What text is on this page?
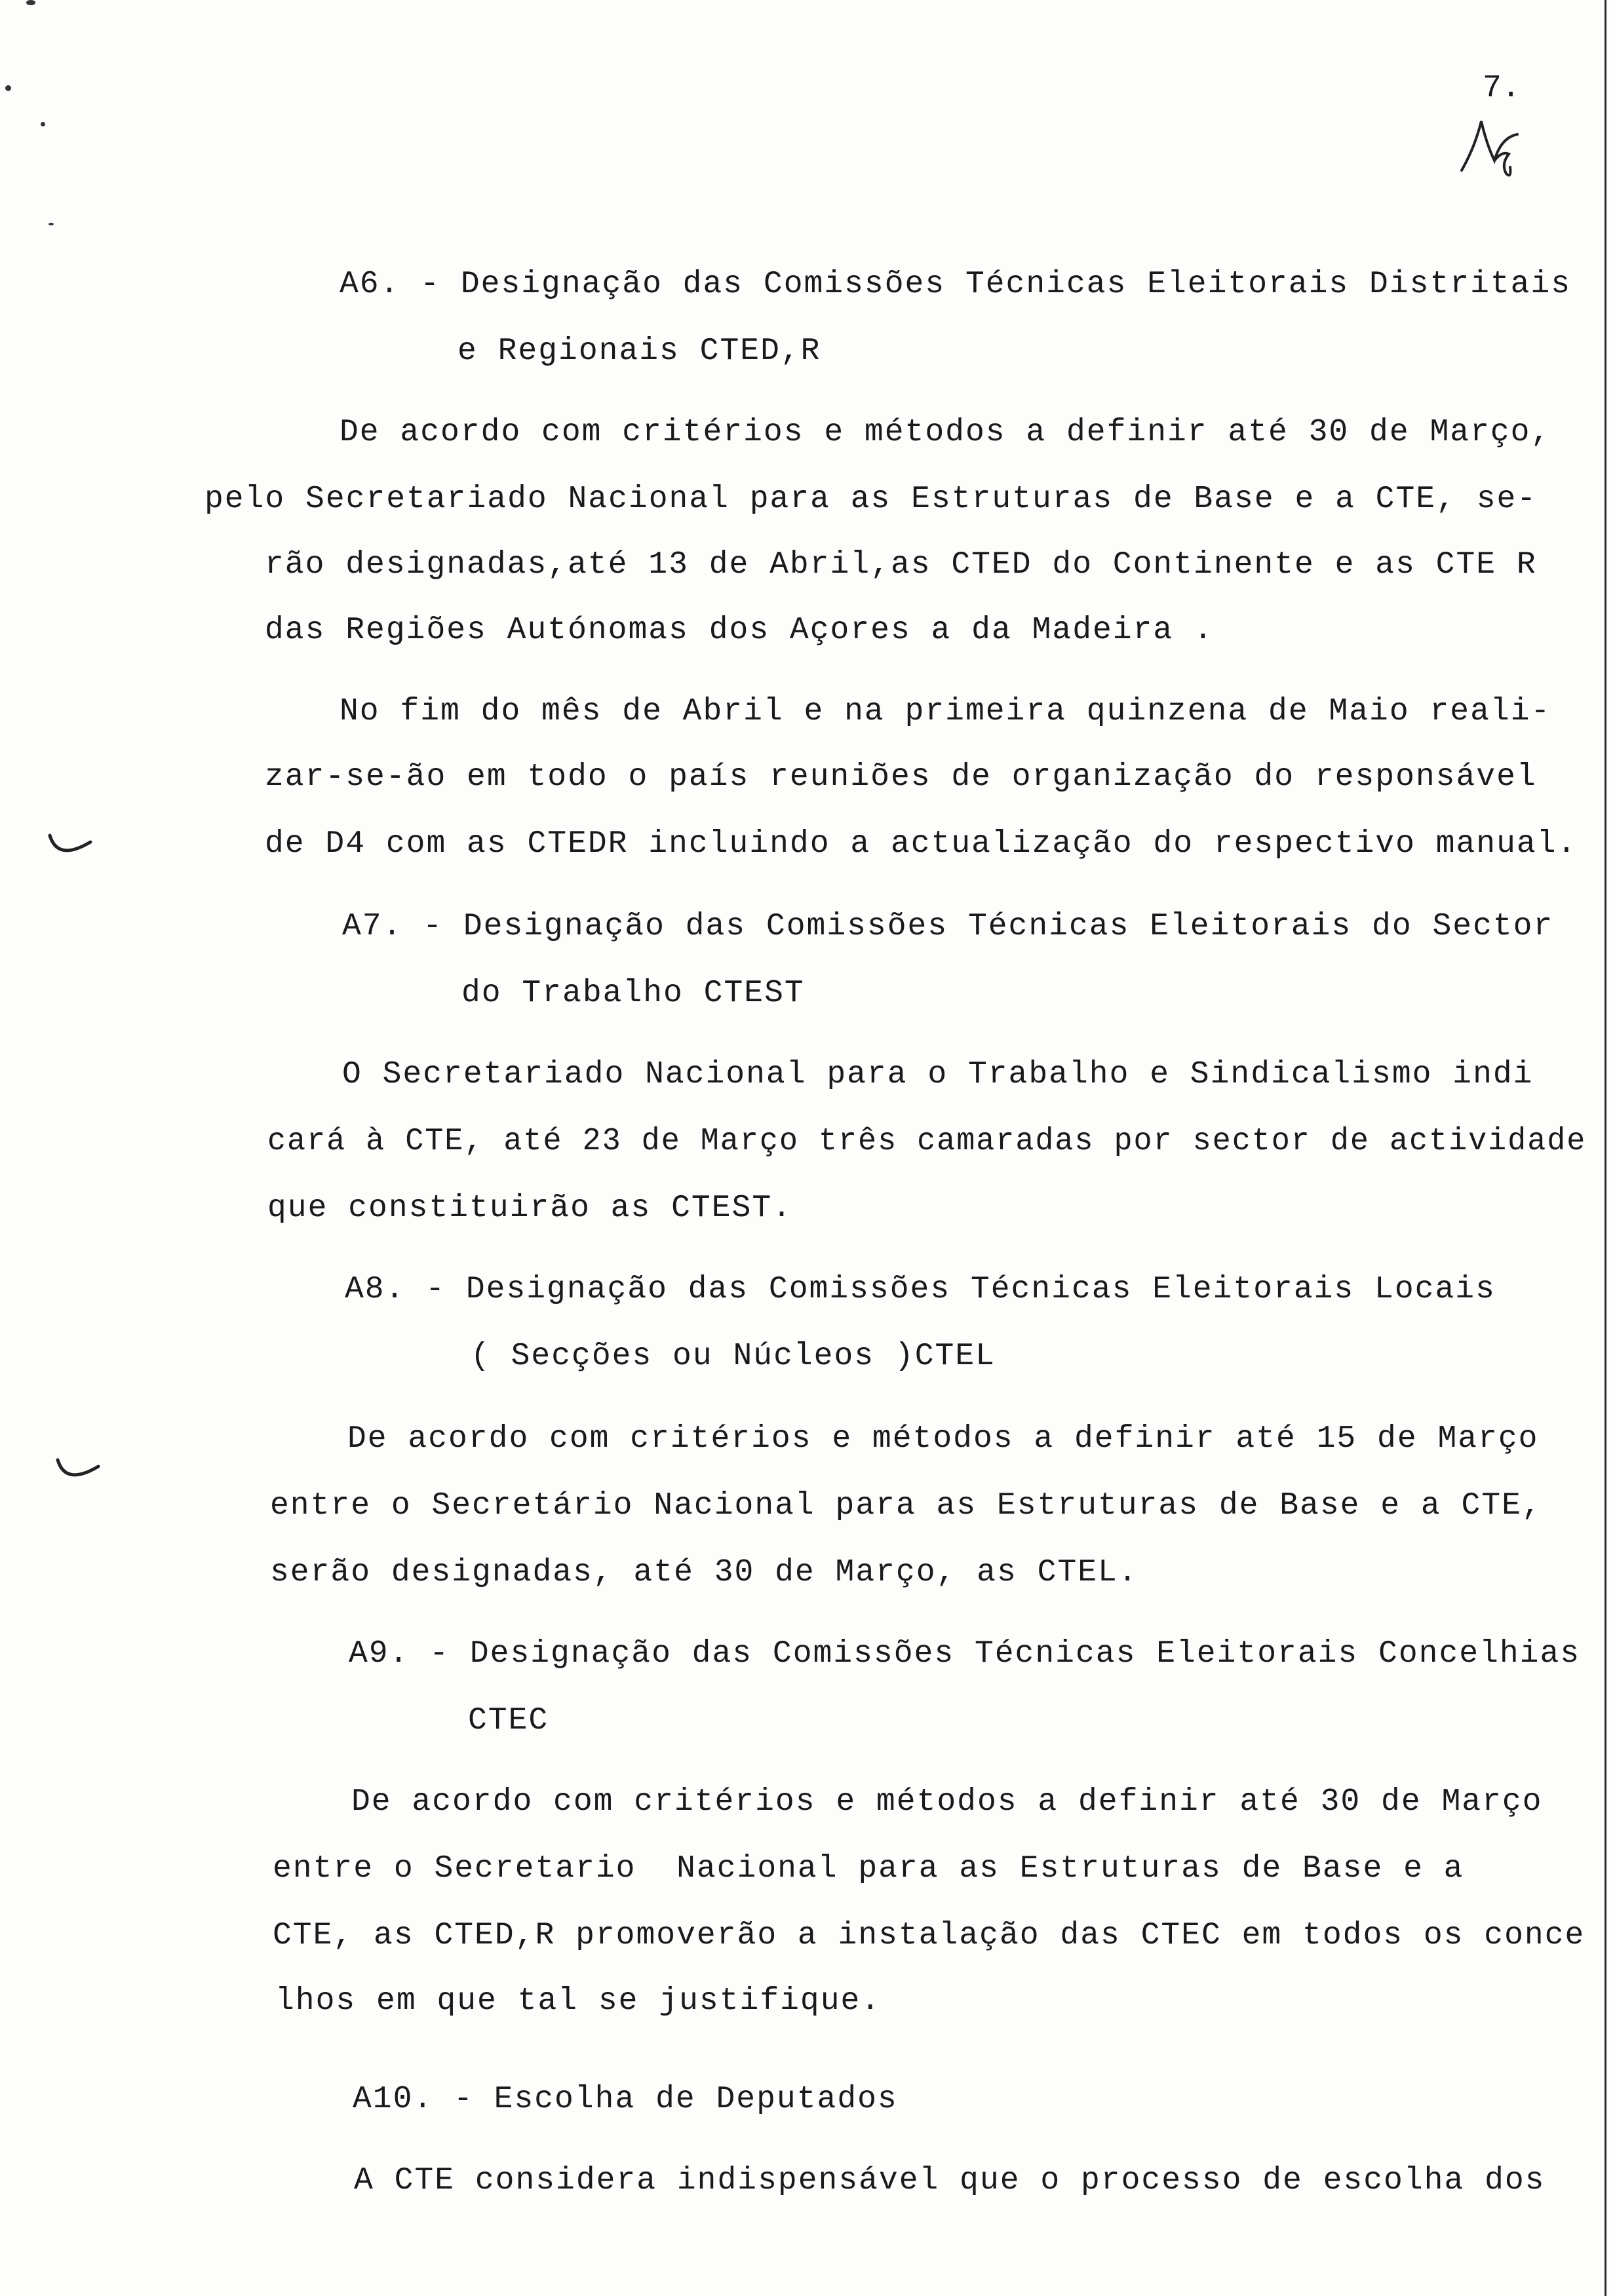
7.
A6. - Designação das Comissões Técnicas Eleitorais Distritais
e Regionais CTED,R
De acordo com critérios e métodos a definir até 30 de Março,
pelo Secretariado Nacional para as Estruturas de Base e a CTE, se-
rão designadas,até 13 de Abril,as CTED do Continente e as CTE R
das Regiões Autónomas dos Açores a da Madeira .
No fim do mês de Abril e na primeira quinzena de Maio reali-
zar-se-ão em todo o país reuniões de organização do responsável
de D4 com as CTEDR incluindo a actualização do respectivo manual.
A7. - Designação das Comissões Técnicas Eleitorais do Sector
do Trabalho CTEST
O Secretariado Nacional para o Trabalho e Sindicalismo indi
cará à CTE, até 23 de Março três camaradas por sector de actividade
que constituirão as CTEST.
A8. - Designação das Comissões Técnicas Eleitorais Locais
( Secções ou Núcleos )CTEL
De acordo com critérios e métodos a definir até 15 de Março
entre o Secretário Nacional para as Estruturas de Base e a CTE,
serão designadas, até 30 de Março, as CTEL.
A9. - Designação das Comissões Técnicas Eleitorais Concelhias
CTEC
De acordo com critérios e métodos a definir até 30 de Março
entre o Secretario  Nacional para as Estruturas de Base e a
CTE, as CTED,R promoverão a instalação das CTEC em todos os conce
lhos em que tal se justifique.
A10. - Escolha de Deputados
A CTE considera indispensável que o processo de escolha dos
